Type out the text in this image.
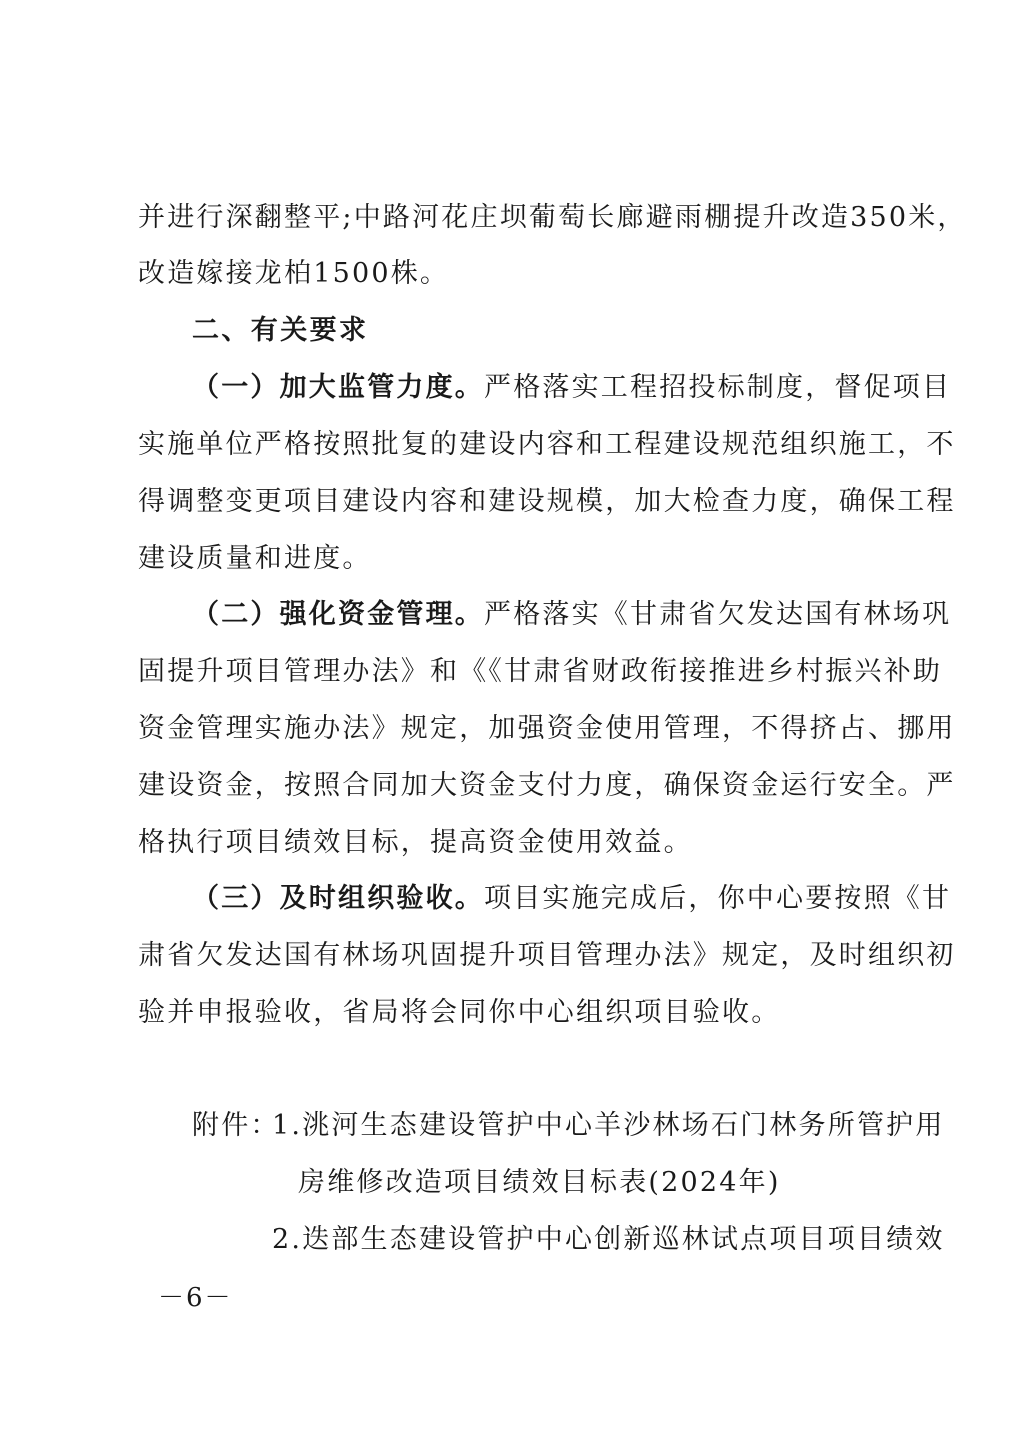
并进行深翻整平;中路河花庄坝葡萄长廊避雨棚提升改造350米，
改造嫁接龙柏1500株。
二、有关要求
（一）加大监管力度。严格落实工程招投标制度，督促项目
实施单位严格按照批复的建设内容和工程建设规范组织施工，不
得调整变更项目建设内容和建设规模，加大检查力度，确保工程
建设质量和进度。
（二）强化资金管理。严格落实《甘肃省欠发达国有林场巩
固提升项目管理办法》和《《甘肃省财政衔接推进乡村振兴补助
资金管理实施办法》规定，加强资金使用管理，不得挤占、挪用
建设资金，按照合同加大资金支付力度，确保资金运行安全。严
格执行项目绩效目标，提高资金使用效益。
（三）及时组织验收。项目实施完成后，你中心要按照《甘
肃省欠发达国有林场巩固提升项目管理办法》规定，及时组织初
验并申报验收，省局将会同你中心组织项目验收。
附件：
1.洮河生态建设管护中心羊沙林场石门林务所管护用
房维修改造项目绩效目标表(2024年)
2.迭部生态建设管护中心创新巡林试点项目项目绩效
－6－
